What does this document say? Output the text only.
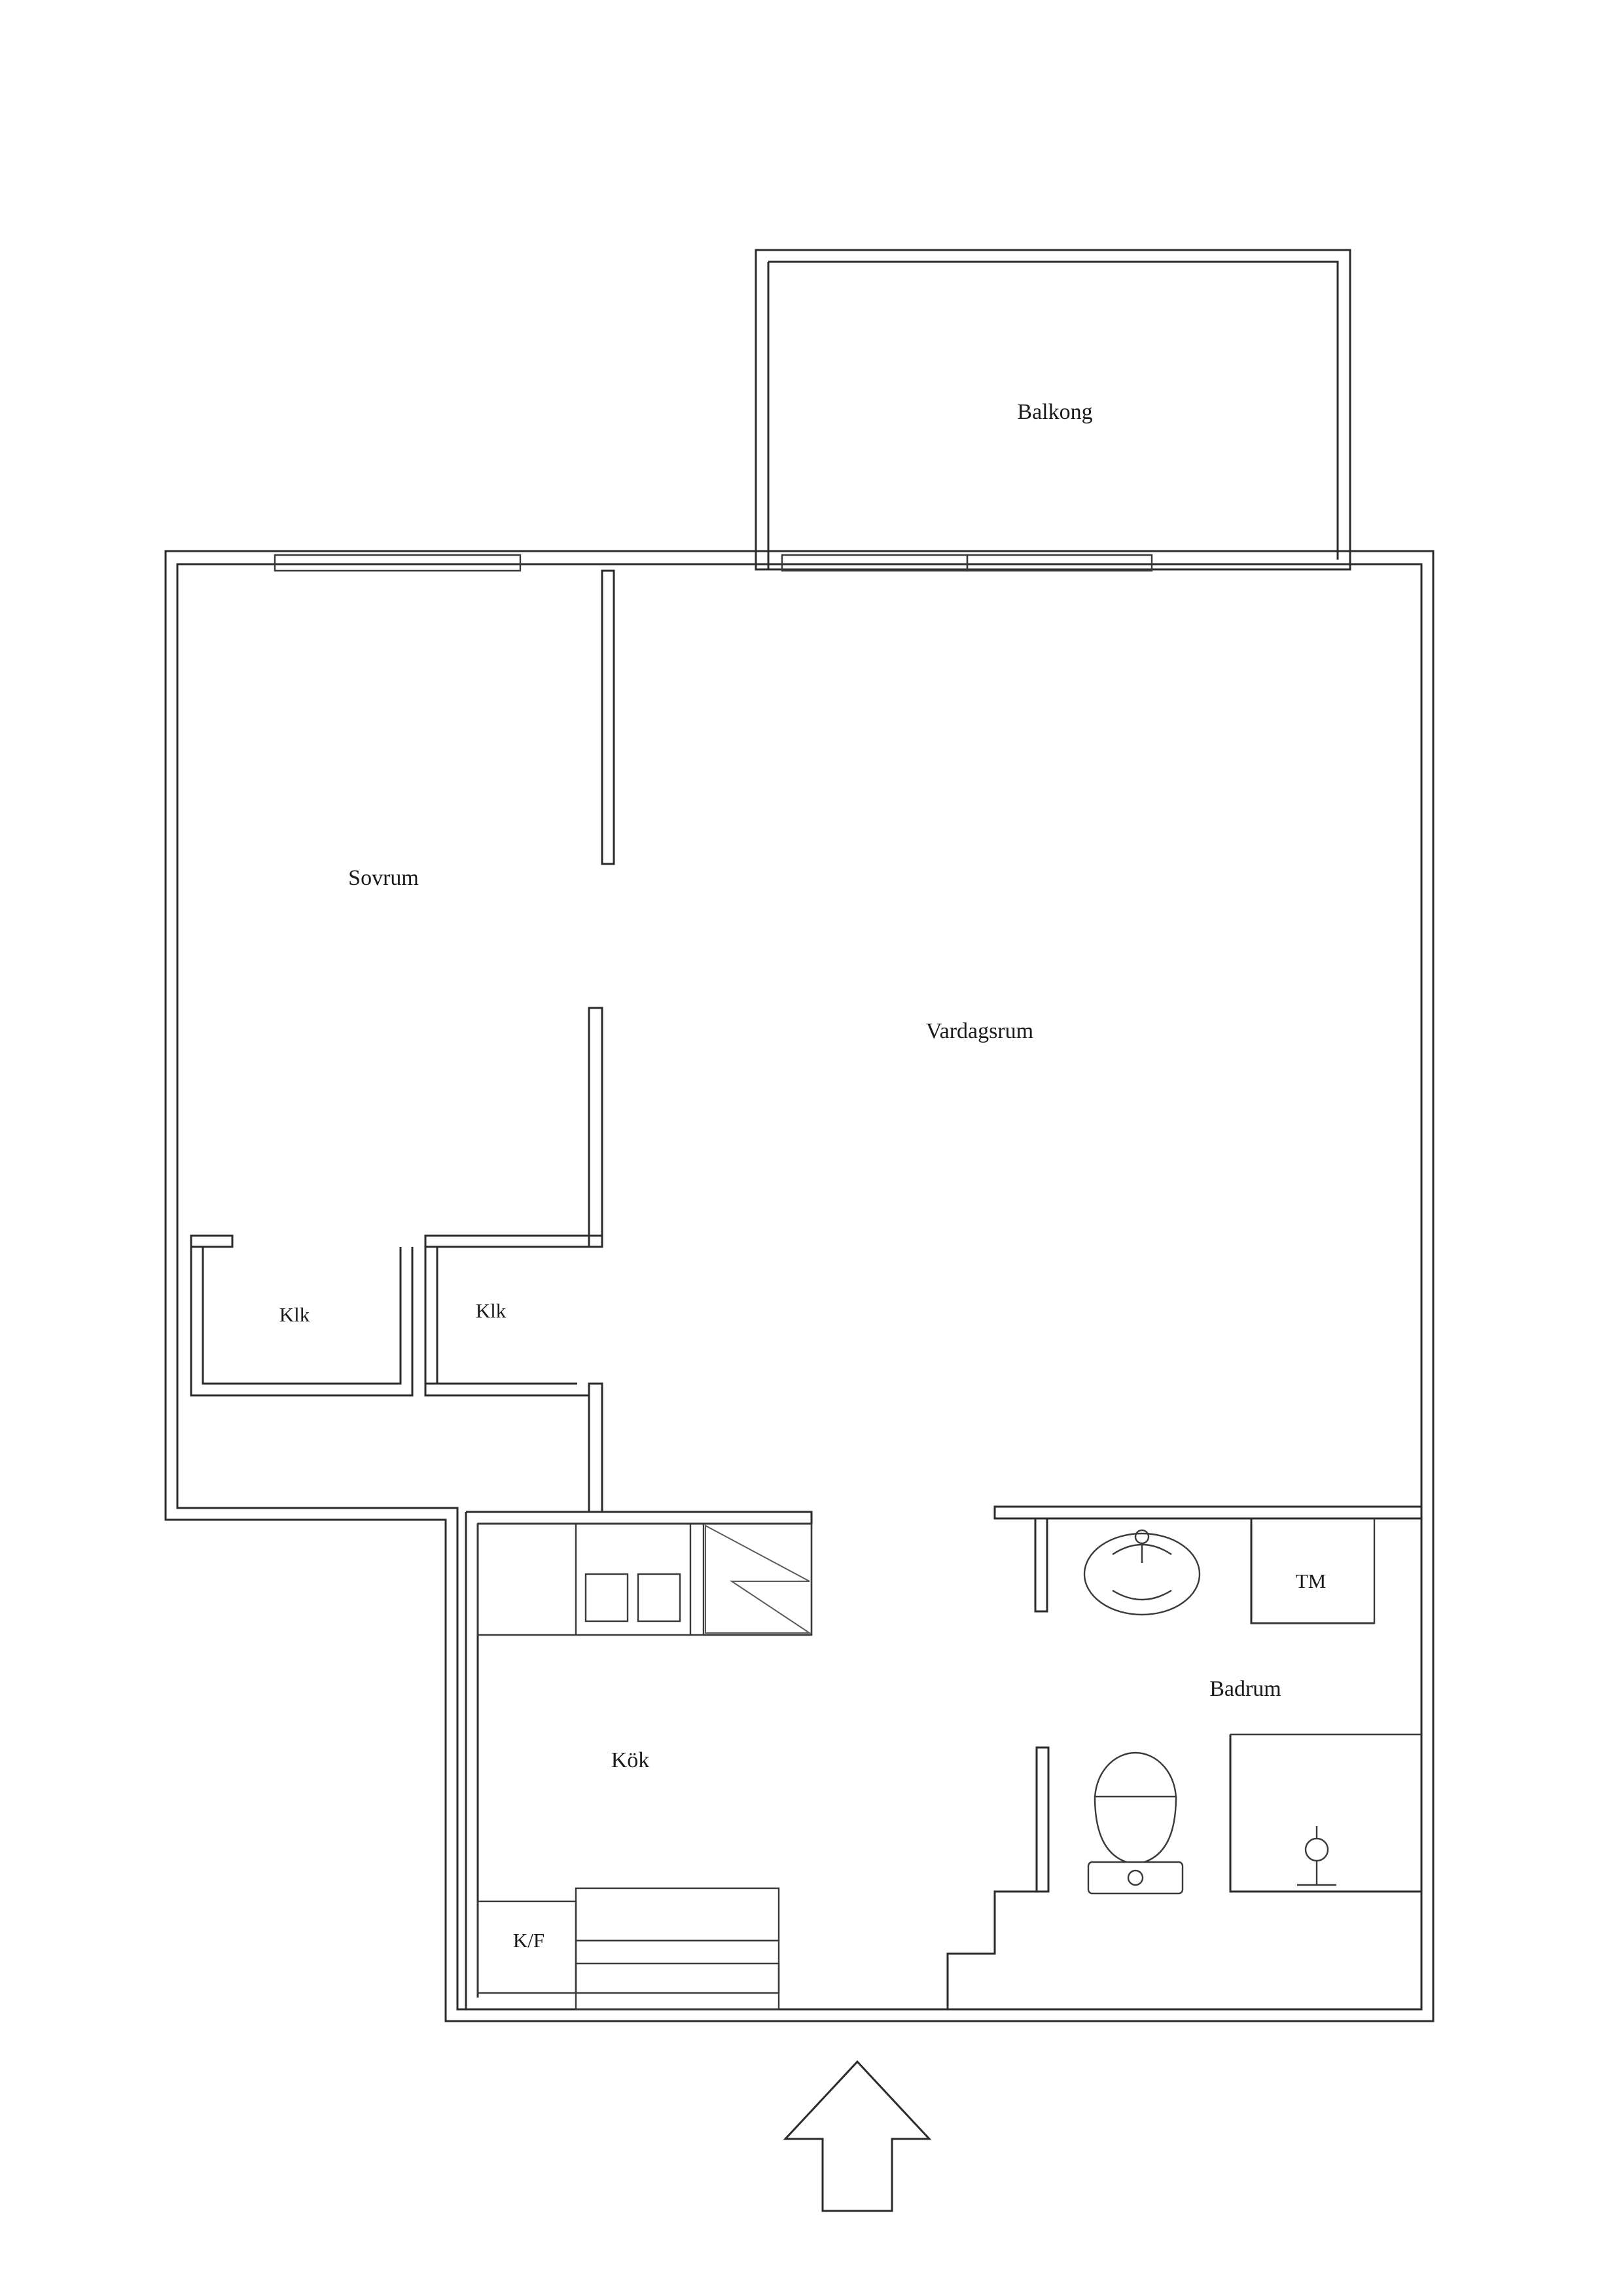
Balkong
Sovrum
Vardagsrum
Klk	Klk
Kök
K/F
Badrum
TM
